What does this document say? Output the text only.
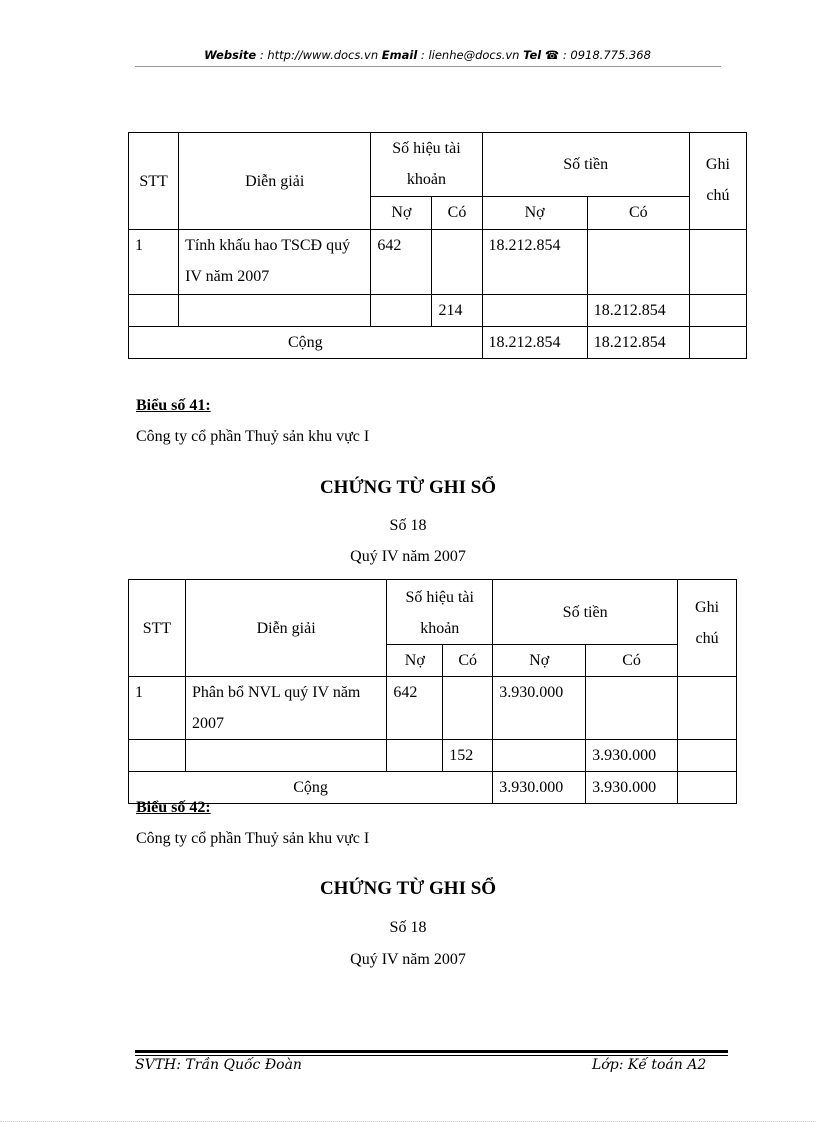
Website : http://www.docs.vn Email : lienhe@docs.vn Tel ☎ : 0918.775.368
STT	Diễn giải	Số hiệu tài khoản		Số tiền		Ghi chú
		Nợ	Có	Nợ	Có	
1	Tính khấu hao TSCĐ quý IV năm 2007	642		18.212.854		
			214		18.212.854	
Cộng				18.212.854	18.212.854	
Biểu số 41:
Công ty cổ phần Thuỷ sản khu vực I
CHỨNG TỪ GHI SỔ
Số 18
Quý IV năm 2007
STT	Diễn giải	Số hiệu tài khoản		Số tiền		Ghi chú
		Nợ	Có	Nợ	Có	
1	Phân bổ NVL quý IV năm 2007	642		3.930.000		
			152		3.930.000	
Cộng				3.930.000	3.930.000	
Biểu số 42:
Công ty cổ phần Thuỷ sản khu vực I
CHỨNG TỪ GHI SỔ
Số 18
Quý IV năm 2007
SVTH: Trần Quốc Đoàn	Lớp: Kế toán A2
